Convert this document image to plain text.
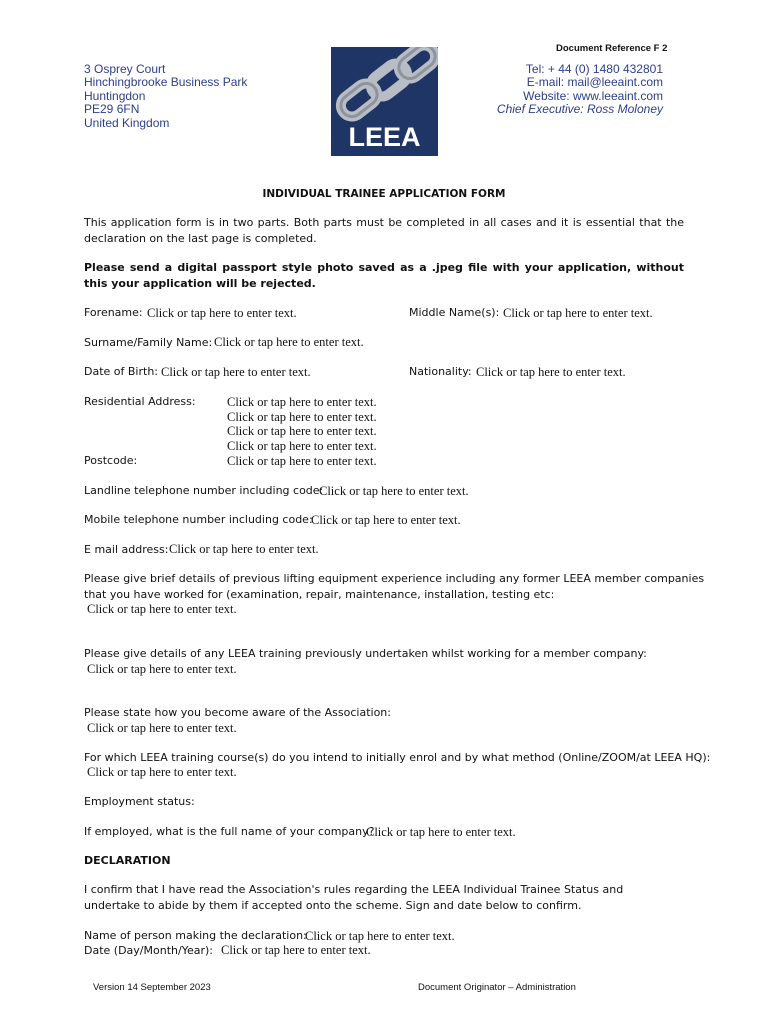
3 Osprey Court
Hinchingbrooke Business Park
Huntingdon
PE29 6FN
United Kingdom	LEEA
Document Reference F 2
Tel: + 44 (0) 1480 432801
E-mail: mail@leeaint.com
Website: www.leeaint.com
Chief Executive: Ross Moloney
INDIVIDUAL TRAINEE APPLICATION FORM
This application form is in two parts. Both parts must be completed in all cases and it is essential that the declaration on the last page is completed.
Please send a digital passport style photo saved as a .jpeg file with your application, without this your application will be rejected.
Forename: Click or tap here to enter text.	Middle Name(s): Click or tap here to enter text.
Surname/Family Name: Click or tap here to enter text.
Date of Birth: Click or tap here to enter text.	Nationality: Click or tap here to enter text.
Residential Address:	Click or tap here to enter text.
Click or tap here to enter text.
Click or tap here to enter text.
Click or tap here to enter text.
Postcode:	Click or tap here to enter text.
Landline telephone number including code:
Click or tap here to enter text.
Mobile telephone number including code:
Click or tap here to enter text.
E mail address: Click or tap here to enter text.
Please give brief details of previous lifting equipment experience including any former LEEA member companies
that you have worked for (examination, repair, maintenance, installation, testing etc:
Click or tap here to enter text.
Please give details of any LEEA training previously undertaken whilst working for a member company:
Click or tap here to enter text.
Please state how you become aware of the Association:
Click or tap here to enter text.
For which LEEA training course(s) do you intend to initially enrol and by what method (Online/ZOOM/at LEEA HQ):
Click or tap here to enter text.
Employment status:
If employed, what is the full name of your company?
Click or tap here to enter text.
DECLARATION
I confirm that I have read the Association's rules regarding the LEEA Individual Trainee Status and undertake to abide by them if accepted onto the scheme. Sign and date below to confirm.
Name of person making the declaration:
Click or tap here to enter text.
Date (Day/Month/Year): Click or tap here to enter text.
Version 14 September 2023	Document Originator – Administration
